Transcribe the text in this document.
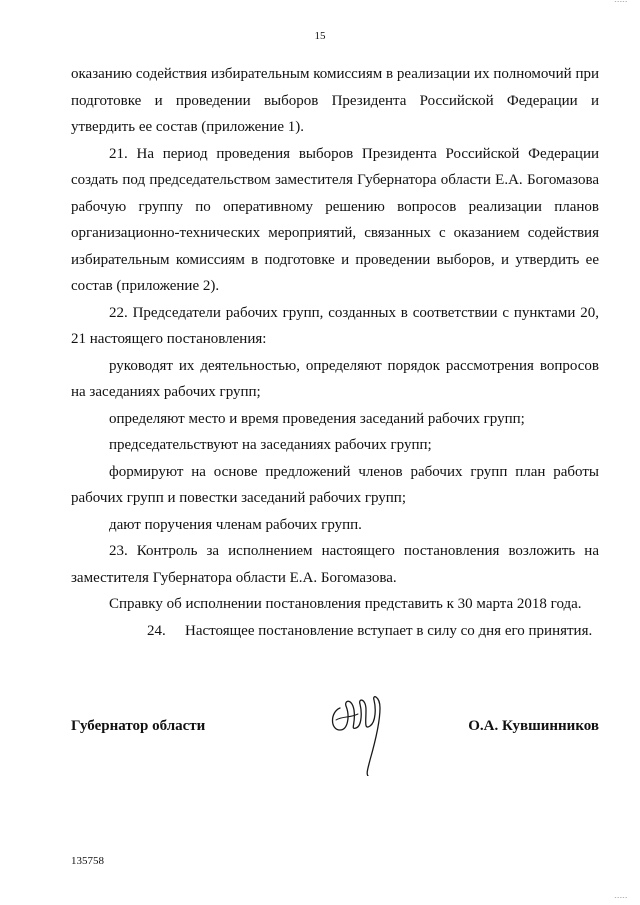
-----
15

оказанию содействия избирательным комиссиям в реализации их полномочий при подготовке и проведении выборов Президента Российской Федерации и утвердить ее состав (приложение 1).

21. На период проведения выборов Президента Российской Федерации создать под председательством заместителя Губернатора области Е.А. Богомазова рабочую группу по оперативному решению вопросов реализации планов организационно-технических мероприятий, связанных с оказанием содействия избирательным комиссиям в подготовке и проведении выборов, и утвердить ее состав (приложение 2).

22. Председатели рабочих групп, созданных в соответствии с пунктами 20, 21 настоящего постановления:

руководят их деятельностью, определяют порядок рассмотрения вопросов на заседаниях рабочих групп;

определяют место и время проведения заседаний рабочих групп;

председательствуют на заседаниях рабочих групп;

формируют на основе предложений членов рабочих групп план работы рабочих групп и повестки заседаний рабочих групп;

дают поручения членам рабочих групп.

23. Контроль за исполнением настоящего постановления возложить на заместителя Губернатора области Е.А. Богомазова.

Справку об исполнении постановления представить к 30 марта 2018 года.

24. Настоящее постановление вступает в силу со дня его принятия.

Губернатор области	О.А. Кувшинников
135758
-----
